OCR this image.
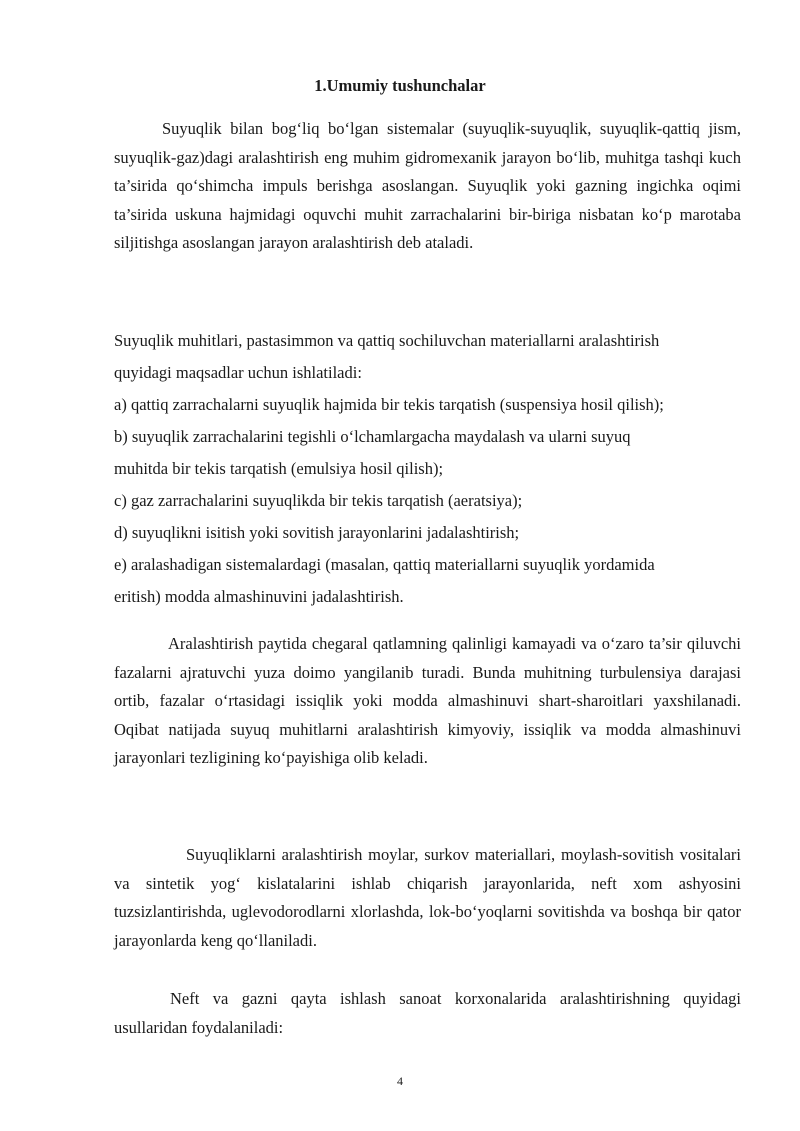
1.Umumiy tushunchalar

Suyuqlik bilan bog‘liq bo‘lgan sistemalar (suyuqlik-suyuqlik, suyuqlik-qattiq jism, suyuqlik-gaz)dagi aralashtirish eng muhim gidromexanik jarayon bo‘lib, muhitga tashqi kuch ta’sirida qo‘shimcha impuls berishga asoslangan. Suyuqlik yoki gazning ingichka oqimi ta’sirida uskuna hajmidagi oquvchi muhit zarrachalarini bir-biriga nisbatan ko‘p marotaba siljitishga asoslangan jarayon aralashtirish deb ataladi.

Suyuqlik muhitlari, pastasimmon va qattiq sochiluvchan materiallarni aralashtirish
quyidagi maqsadlar uchun ishlatiladi:
a) qattiq zarrachalarni suyuqlik hajmida bir tekis tarqatish (suspensiya hosil qilish);
b) suyuqlik zarrachalarini tegishli o‘lchamlargacha maydalash va ularni suyuq
muhitda bir tekis tarqatish (emulsiya hosil qilish);
c) gaz zarrachalarini suyuqlikda bir tekis tarqatish (aeratsiya);
d) suyuqlikni isitish yoki sovitish jarayonlarini jadalashtirish;
e) aralashadigan sistemalardagi (masalan, qattiq materiallarni suyuqlik yordamida
eritish) modda almashinuvini jadalashtirish.

Aralashtirish paytida chegaral qatlamning qalinligi kamayadi va o‘zaro ta’sir qiluvchi fazalarni ajratuvchi yuza doimo yangilanib turadi. Bunda muhitning turbulensiya darajasi ortib, fazalar o‘rtasidagi issiqlik yoki modda almashinuvi shart-sharoitlari yaxshilanadi. Oqibat natijada suyuq muhitlarni aralashtirish kimyoviy, issiqlik va modda almashinuvi jarayonlari tezligining ko‘payishiga olib keladi.

Suyuqliklarni aralashtirish moylar, surkov materiallari, moylash-sovitish vositalari va sintetik yog‘ kislatalarini ishlab chiqarish jarayonlarida, neft xom ashyosini tuzsizlantirishda, uglevodorodlarni xlorlashda, lok-bo‘yoqlarni sovitishda va boshqa bir qator jarayonlarda keng qo‘llaniladi.

Neft va gazni qayta ishlash sanoat korxonalarida aralashtirishning quyidagi usullaridan foydalaniladi:

4
